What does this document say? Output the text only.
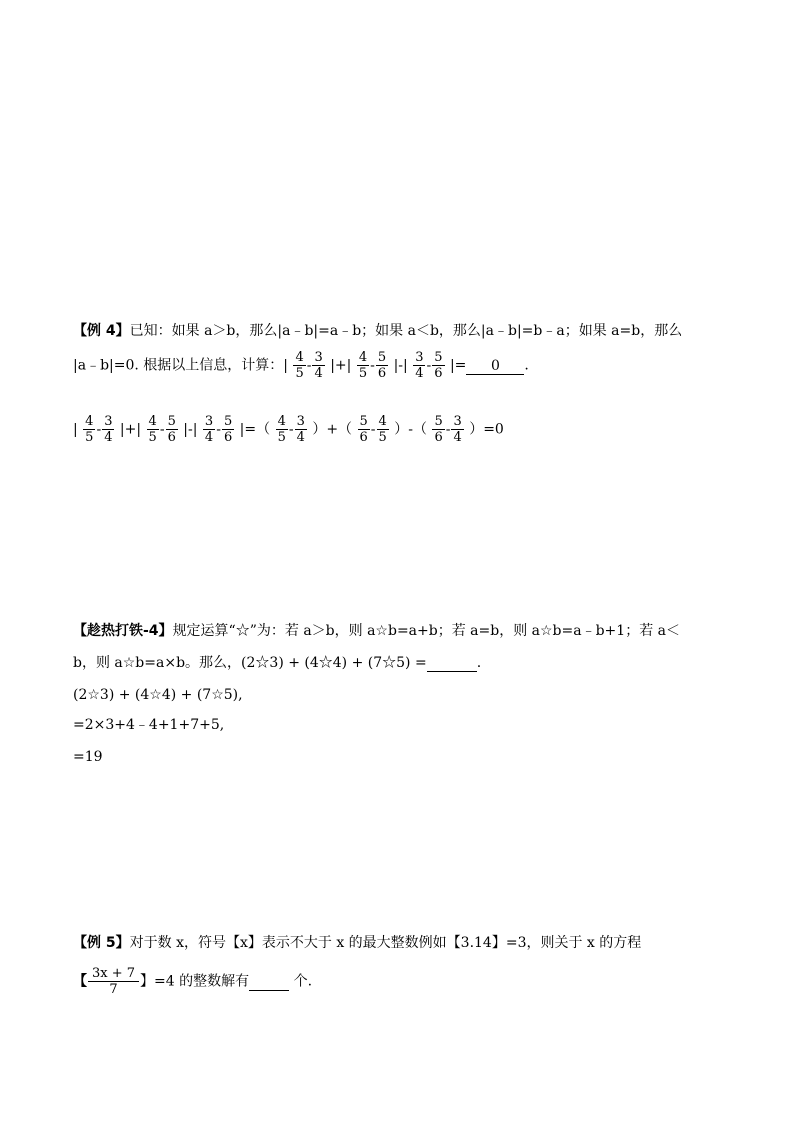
【例 4】已知：如果 a＞b，那么|a﹣b|=a﹣b；如果 a＜b，那么|a﹣b|=b﹣a；如果 a=b，那么
|a﹣b|=0. 根据以上信息，计算：| $\frac{4}{5} - \frac{3}{4}$ |+| $\frac{4}{5} - \frac{5}{6}$ |-| $\frac{3}{4} - \frac{5}{6}$ |= 0 .
| $\frac{4}{5} - \frac{3}{4}$ |+| $\frac{4}{5} - \frac{5}{6}$ |-| $\frac{3}{4} - \frac{5}{6}$ |=（ $\frac{4}{5} - \frac{3}{4}$ ）+（ $\frac{5}{6} - \frac{4}{5}$ ）-（ $\frac{5}{6} - \frac{3}{4} )=0$
【趁热打铁-4】规定运算“☆”为：若 a＞b，则 a☆b=a+b；若 a=b，则 a☆b=a﹣b+1；若 a＜
b，则 a☆b=a×b。那么，(2☆3) + (4☆4) + (7☆5) =	.
(2☆3) + (4☆4) + (7☆5),
=2×3+4﹣4+1+7+5,
=19
【例 5】对于数 x，符号【x】表示不大于 x 的最大整数例如【3.14】=3，则关于 x 的方程
【 $\frac{3x + 7}{7}$ 】=4 的整数解有	个.
